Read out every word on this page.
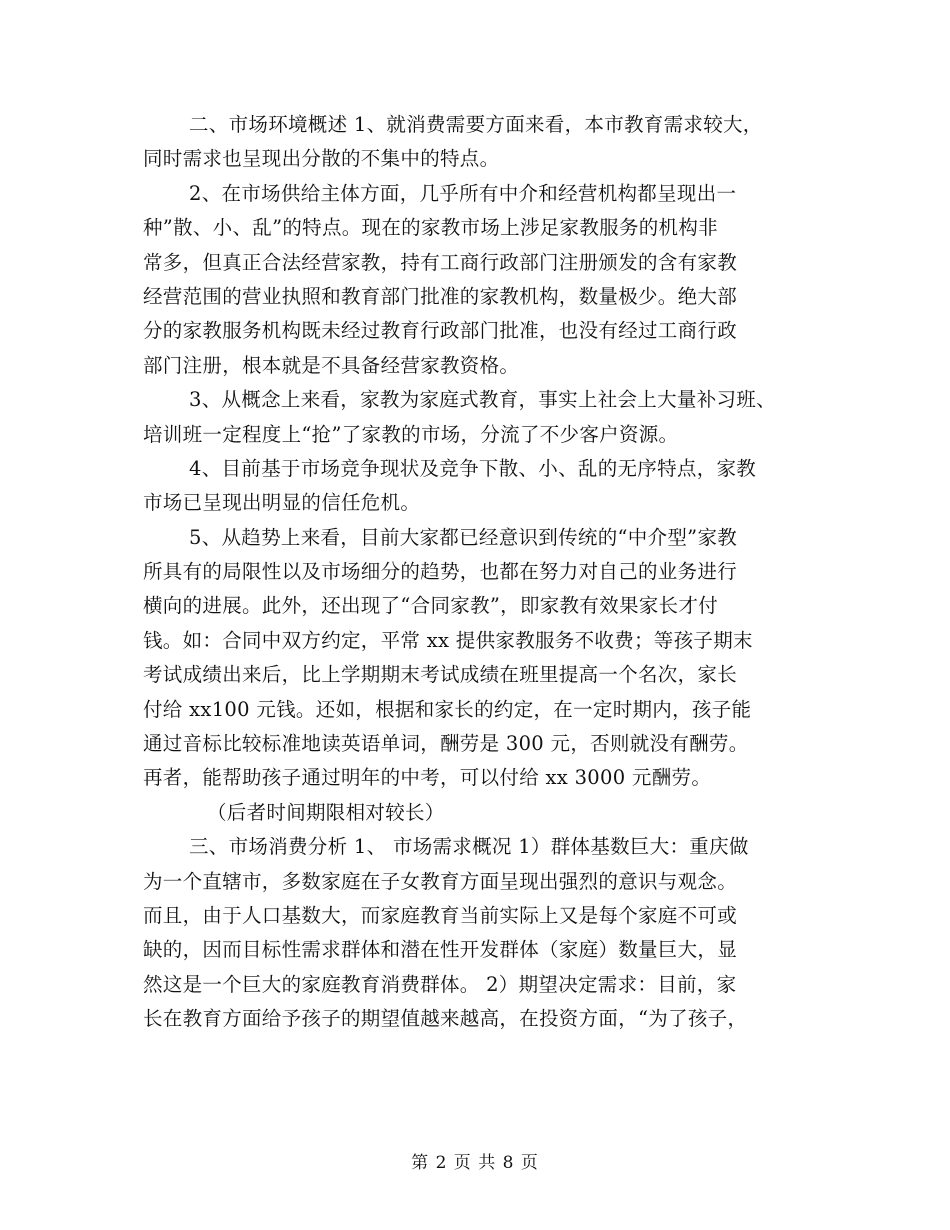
二、市场环境概述 1、就消费需要方面来看，本市教育需求较大，
同时需求也呈现出分散的不集中的特点。
2、在市场供给主体方面，几乎所有中介和经营机构都呈现出一
种”散、小、乱”的特点。现在的家教市场上涉足家教服务的机构非
常多，但真正合法经营家教，持有工商行政部门注册颁发的含有家教
经营范围的营业执照和教育部门批准的家教机构，数量极少。绝大部
分的家教服务机构既未经过教育行政部门批准，也没有经过工商行政
部门注册，根本就是不具备经营家教资格。
3、从概念上来看，家教为家庭式教育，事实上社会上大量补习班、
培训班一定程度上“抢”了家教的市场，分流了不少客户资源。
4、目前基于市场竞争现状及竞争下散、小、乱的无序特点，家教
市场已呈现出明显的信任危机。
5、从趋势上来看，目前大家都已经意识到传统的“中介型”家教
所具有的局限性以及市场细分的趋势，也都在努力对自己的业务进行
横向的进展。此外，还出现了“合同家教”，即家教有效果家长才付
钱。如：合同中双方约定，平常 xx 提供家教服务不收费；等孩子期末
考试成绩出来后，比上学期期末考试成绩在班里提高一个名次，家长
付给 xx100 元钱。还如，根据和家长的约定，在一定时期内，孩子能
通过音标比较标准地读英语单词，酬劳是 300 元，否则就没有酬劳。
再者，能帮助孩子通过明年的中考，可以付给 xx 3000 元酬劳。
（后者时间期限相对较长）
三、市场消费分析 1、 市场需求概况 1）群体基数巨大：重庆做
为一个直辖市，多数家庭在子女教育方面呈现出强烈的意识与观念。
而且，由于人口基数大，而家庭教育当前实际上又是每个家庭不可或
缺的，因而目标性需求群体和潜在性开发群体（家庭）数量巨大，显
然这是一个巨大的家庭教育消费群体。 2）期望决定需求：目前，家
长在教育方面给予孩子的期望值越来越高，在投资方面，“为了孩子，
第 2 页 共 8 页
